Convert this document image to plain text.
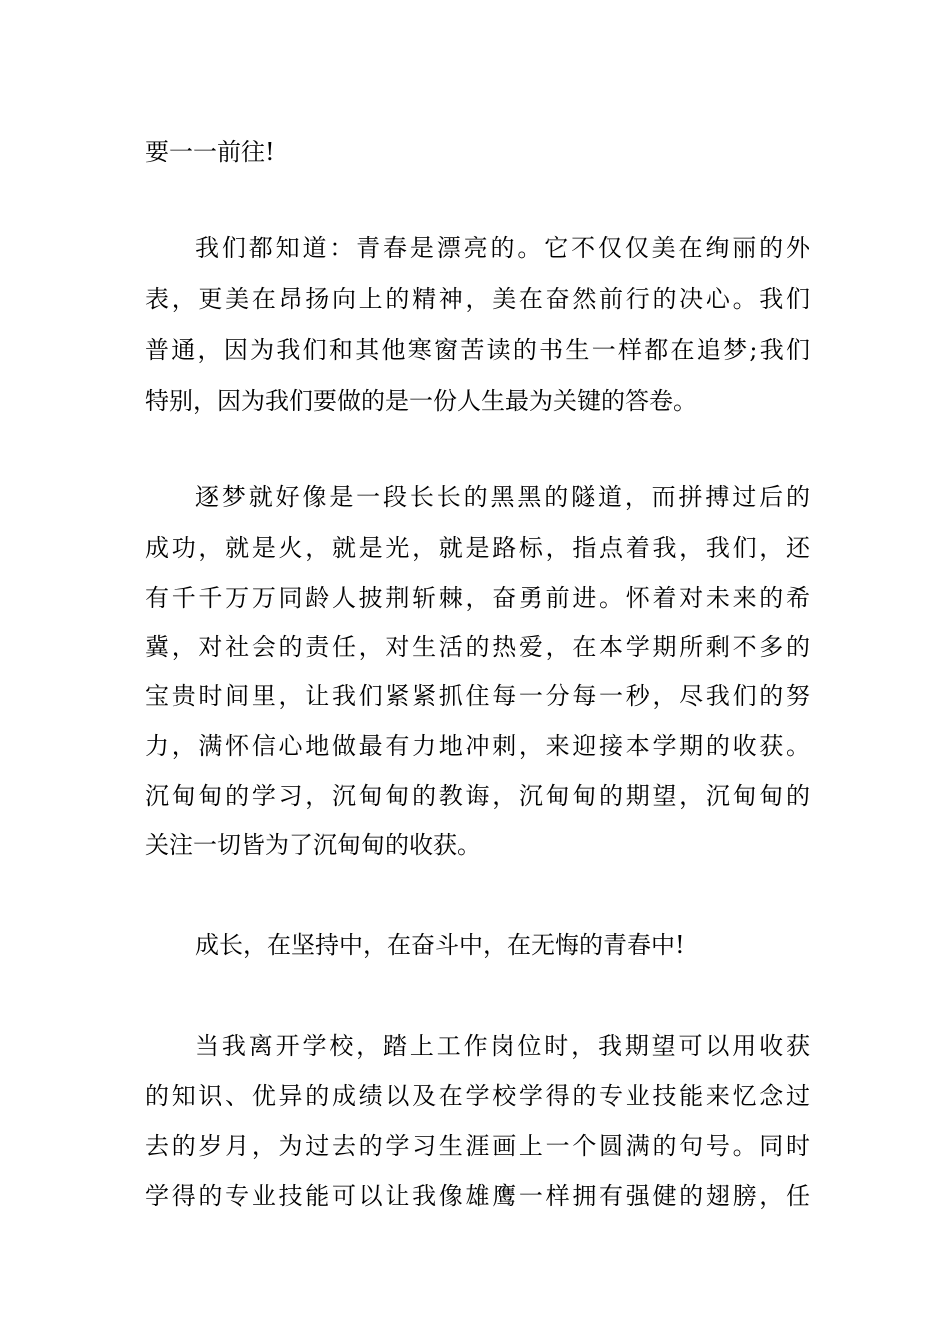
要一一前往!
我们都知道：青春是漂亮的。它不仅仅美在绚丽的外
表，更美在昂扬向上的精神，美在奋然前行的决心。我们
普通，因为我们和其他寒窗苦读的书生一样都在追梦;我们
特别，因为我们要做的是一份人生最为关键的答卷。
逐梦就好像是一段长长的黑黑的隧道，而拼搏过后的
成功，就是火，就是光，就是路标，指点着我，我们，还
有千千万万同龄人披荆斩棘，奋勇前进。怀着对未来的希
冀，对社会的责任，对生活的热爱，在本学期所剩不多的
宝贵时间里，让我们紧紧抓住每一分每一秒，尽我们的努
力，满怀信心地做最有力地冲刺，来迎接本学期的收获。
沉甸甸的学习，沉甸甸的教诲，沉甸甸的期望，沉甸甸的
关注一切皆为了沉甸甸的收获。
成长，在坚持中，在奋斗中，在无悔的青春中!
当我离开学校，踏上工作岗位时，我期望可以用收获
的知识、优异的成绩以及在学校学得的专业技能来忆念过
去的岁月，为过去的学习生涯画上一个圆满的句号。同时
学得的专业技能可以让我像雄鹰一样拥有强健的翅膀，任
